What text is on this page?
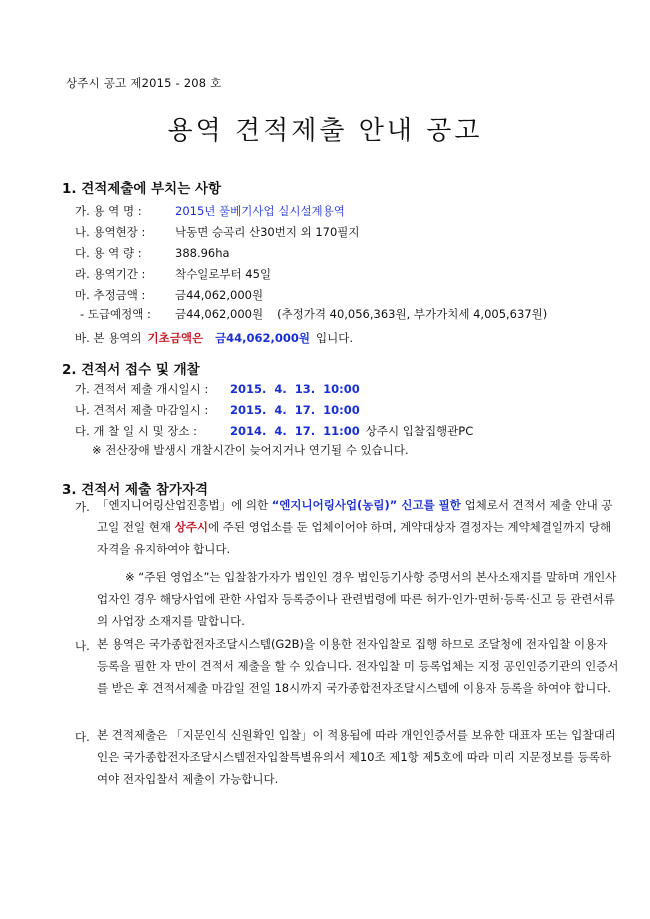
상주시 공고 제2015 - 208 호
용역 견적제출 안내 공고
1. 견적제출에 부치는 사항
가. 용 역 명 :	2015년 풀베기사업 실시설계용역
나. 용역현장 :	낙동면 승곡리 산30번지 외 170필지
다. 용 역 량 :	388.96ha
라. 용역기간 :	착수일로부터 45일
마. 추정금액 :	금44,062,000원
- 도급예정액 : 금44,062,000원 (추정가격 40,056,363원, 부가가치세 4,005,637원)
바. 본 용역의 기초금액은 금44,062,000원 입니다.
2. 견적서 접수 및 개찰
가. 견적서 제출 개시일시 : 2015. 4. 13. 10:00
나. 견적서 제출 마감일시 : 2015. 4. 17. 10:00
다. 개 찰 일 시 및 장소 :	2014. 4. 17. 11:00 상주시 입찰집행관PC
※ 전산장애 발생시 개찰시간이 늦어지거나 연기될 수 있습니다.
3. 견적서 제출 참가자격
가. 「엔지니어링산업진흥법」에 의한 “엔지니어링사업(농림)” 신고를 필한 업체로서 견적서 제출 안내 공고일 전일 현재 상주시에 주된 영업소를 둔 업체이어야 하며, 계약대상자 결정자는 계약체결일까지 당해 자격을 유지하여야 합니다.
※ “주된 영업소”는 입찰참가자가 법인인 경우 법인등기사항 증명서의 본사소재지를 말하며 개인사업자인 경우 해당사업에 관한 사업자 등록증이나 관련법령에 따른 허가·인가·면허·등록·신고 등 관련서류의 사업장 소재지를 말합니다.
나. 본 용역은 국가종합전자조달시스템(G2B)을 이용한 전자입찰로 집행 하므로 조달청에 전자입찰 이용자 등록을 필한 자 만이 견적서 제출을 할 수 있습니다. 전자입찰 미 등록업체는 지정 공인인증기관의 인증서를 받은 후 견적서제출 마감일 전일 18시까지 국가종합전자조달시스템에 이용자 등록을 하여야 합니다.
다. 본 견적제출은 「지문인식 신원확인 입찰」이 적용됨에 따라 개인인증서를 보유한 대표자 또는 입찰대리인은 국가종합전자조달시스템전자입찰특별유의서 제10조 제1항 제5호에 따라 미리 지문정보를 등록하여야 전자입찰서 제출이 가능합니다.
